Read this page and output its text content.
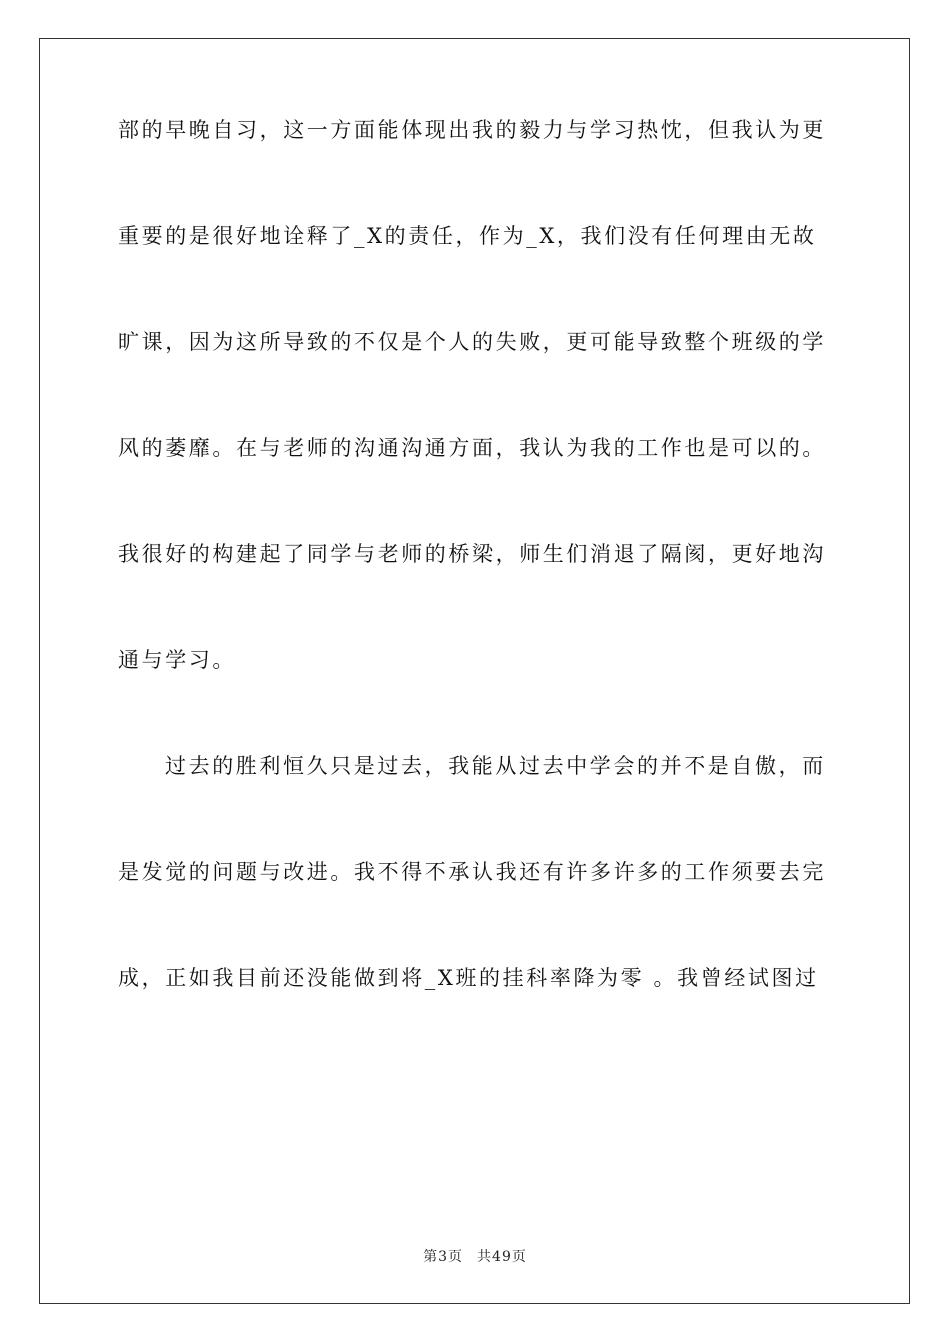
部的早晚自习，这一方面能体现出我的毅力与学习热忱，但我认为更
重要的是很好地诠释了_X的责任，作为_X，我们没有任何理由无故
旷课，因为这所导致的不仅是个人的失败，更可能导致整个班级的学
风的萎靡。在与老师的沟通沟通方面，我认为我的工作也是可以的。
我很好的构建起了同学与老师的桥梁，师生们消退了隔阂，更好地沟
通与学习。
过去的胜利恒久只是过去，我能从过去中学会的并不是自傲，而
是发觉的问题与改进。我不得不承认我还有许多许多的工作须要去完
成，正如我目前还没能做到将_X班的挂科率降为零 。我曾经试图过
第3页 共49页
